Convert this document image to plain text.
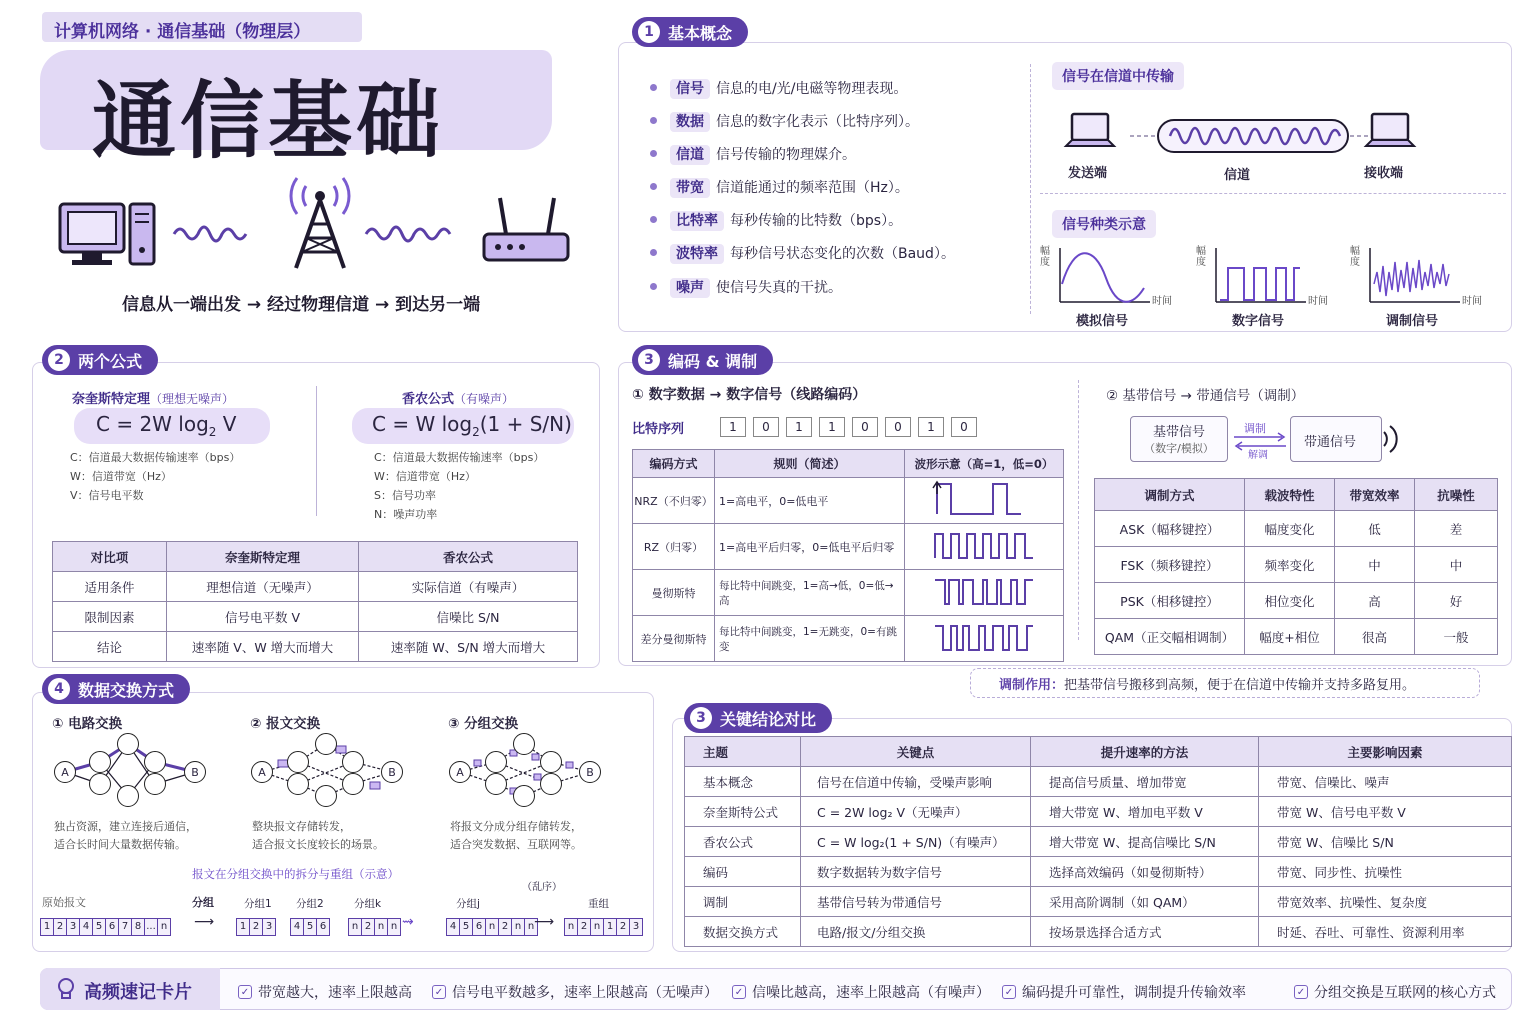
计算机网络 · 通信基础（物理层）
通信基础
信息从一端出发 → 经过物理信道 → 到达另一端
1 基本概念
信号 信息的电/光/电磁等物理表现。
数据 信息的数字化表示（比特序列）。
信道 信号传输的物理媒介。
带宽 信道能通过的频率范围（Hz）。
比特率 每秒传输的比特数（bps）。
波特率 每秒信号状态变化的次数（Baud）。
噪声 使信号失真的干扰。
信号在信道中传输
发送端	信道	接收端
信号种类示意
幅度
时间
幅度
时间
幅度
时间
模拟信号	数字信号	调制信号
2 两个公式
奈奎斯特定理（理想无噪声）
C = 2W $\log_2 V$
C：信道最大数据传输速率（bps）
W：信道带宽（Hz）
V：信号电平数
香农公式（有噪声）
C = W $\log_2(1 + S/N)$
C：信道最大数据传输速率（bps）
W：信道带宽（Hz）
S：信号功率
N：噪声功率
对比项	奈奎斯特定理	香农公式
适用条件	理想信道（无噪声）	实际信道（有噪声）
限制因素	信号电平数 V	信噪比 S/N
结论	速率随 V、W 增大而增大	速率随 W、S/N 增大而增大
3 编码 & 调制
① 数字数据 → 数字信号（线路编码）
比特序列	1	0	1	1	0	0	1	0
编码方式	规则（简述）	波形示意（高=1，低=0）
NRZ（不归零）	1=高电平，0=低电平	
RZ（归零）	1=高电平后归零，0=低电平后归零	
曼彻斯特	每比特中间跳变，1=高→低，0=低→高	
差分曼彻斯特	每比特中间跳变，1=无跳变，0=有跳变	
② 基带信号 → 带通信号（调制）
基带信号
（数字/模拟）
调制
解调
带通信号
调制方式	载波特性	带宽效率	抗噪性
ASK（幅移键控）	幅度变化	低	差
FSK（频移键控）	频率变化	中	中
PSK（相移键控）	相位变化	高	好
QAM（正交幅相调制）	幅度+相位	很高	一般
调制作用： 把基带信号搬移到高频，便于在信道中传输并支持多路复用。
4 数据交换方式
① 电路交换	② 报文交换	③ 分组交换
A	B	A	B	A	B
独占资源，建立连接后通信，
适合长时间大量数据传输。
整块报文存储转发，
适合报文长度较长的场景。
将报文分成分组存储转发，
适合突发数据、互联网等。
报文在分组交换中的拆分与重组（示意）
原始报文
1 2 3 4 5 6 7 8 ... n
分组
⟶
分组1
1 2 3
分组2
4 5 6
分组k
n 2 n n ⇝
分组j
（乱序）
4 5 6 n 2 n n ⟶
重组
n 2 n 1 2 3
3 关键结论对比
主题	关键点	提升速率的方法	主要影响因素
基本概念	信号在信道中传输，受噪声影响	提高信号质量、增加带宽	带宽、信噪比、噪声
奈奎斯特公式	C = 2W log₂ V（无噪声）	增大带宽 W、增加电平数 V	带宽 W、信号电平数 V
香农公式	C = W log₂(1 + S/N)（有噪声）	增大带宽 W、提高信噪比 S/N	带宽 W、信噪比 S/N
编码	数字数据转为数字信号	选择高效编码（如曼彻斯特）	带宽、同步性、抗噪性
调制	基带信号转为带通信号	采用高阶调制（如 QAM）	带宽效率、抗噪性、复杂度
数据交换方式	电路/报文/分组交换	按场景选择合适方式	时延、吞吐、可靠性、资源利用率
高频速记卡片	✓ 带宽越大，速率上限越高 ✓ 信号电平数越多，速率上限越高（无噪声） ✓ 信噪比越高，速率上限越高（有噪声） ✓ 编码提升可靠性，调制提升传输效率	✓ 分组交换是互联网的核心方式
